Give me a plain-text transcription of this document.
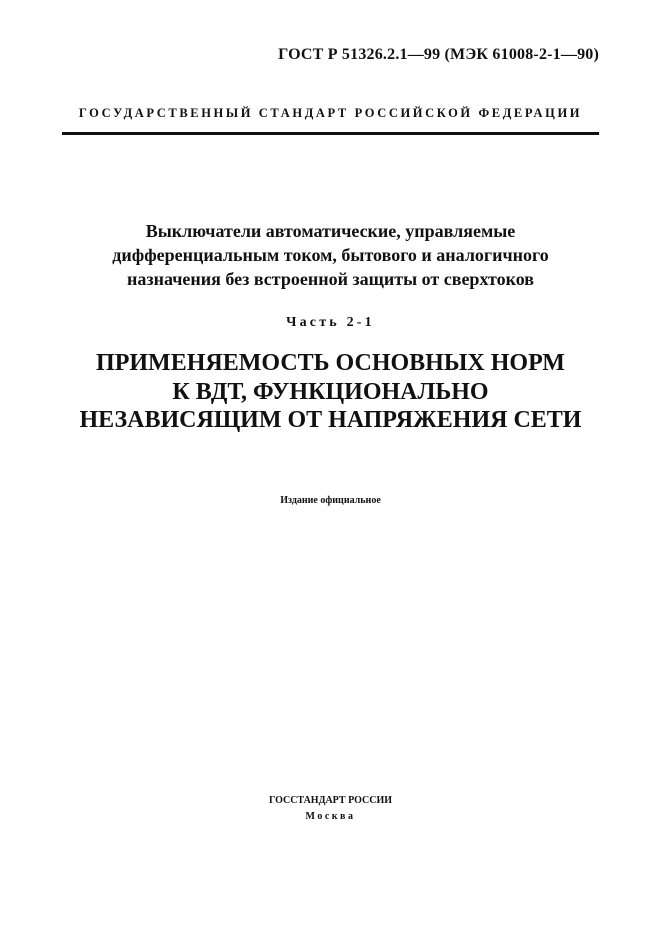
ГОСТ Р 51326.2.1—99 (МЭК 61008-2-1—90)
ГОСУДАРСТВЕННЫЙ СТАНДАРТ РОССИЙСКОЙ ФЕДЕРАЦИИ
Выключатели автоматические, управляемые
дифференциальным током, бытового и аналогичного
назначения без встроенной защиты от сверхтоков
Часть 2-1
ПРИМЕНЯЕМОСТЬ ОСНОВНЫХ НОРМ
К ВДТ, ФУНКЦИОНАЛЬНО
НЕЗАВИСЯЩИМ ОТ НАПРЯЖЕНИЯ СЕТИ
Издание официальное
ГОССТАНДАРТ РОССИИ
Москва
